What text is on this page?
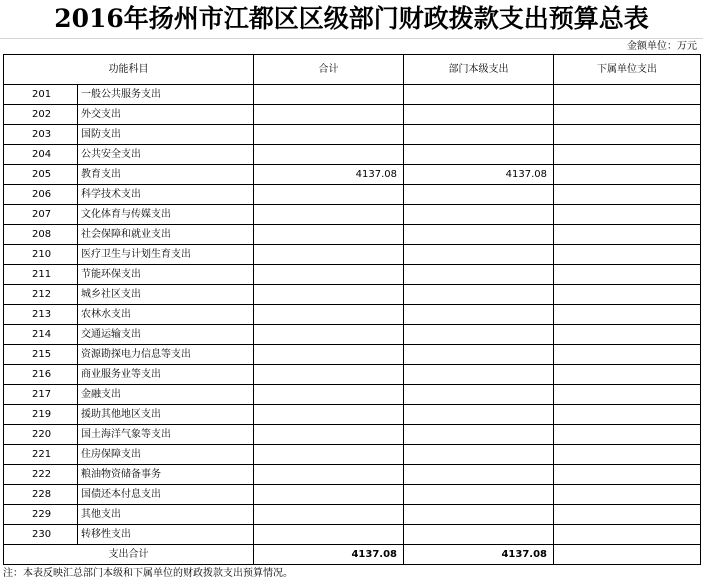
2016年扬州市江都区区级部门财政拨款支出预算总表
金额单位：万元
功能科目		合计	部门本级支出	下属单位支出
201	一般公共服务支出			
202	外交支出			
203	国防支出			
204	公共安全支出			
205	教育支出	4137.08	4137.08	
206	科学技术支出			
207	文化体育与传媒支出			
208	社会保障和就业支出			
210	医疗卫生与计划生育支出			
211	节能环保支出			
212	城乡社区支出			
213	农林水支出			
214	交通运输支出			
215	资源勘探电力信息等支出			
216	商业服务业等支出			
217	金融支出			
219	援助其他地区支出			
220	国土海洋气象等支出			
221	住房保障支出			
222	粮油物资储备事务			
228	国债还本付息支出			
229	其他支出			
230	转移性支出			
支出合计		4137.08	4137.08	
注：本表反映汇总部门本级和下属单位的财政拨款支出预算情况。
